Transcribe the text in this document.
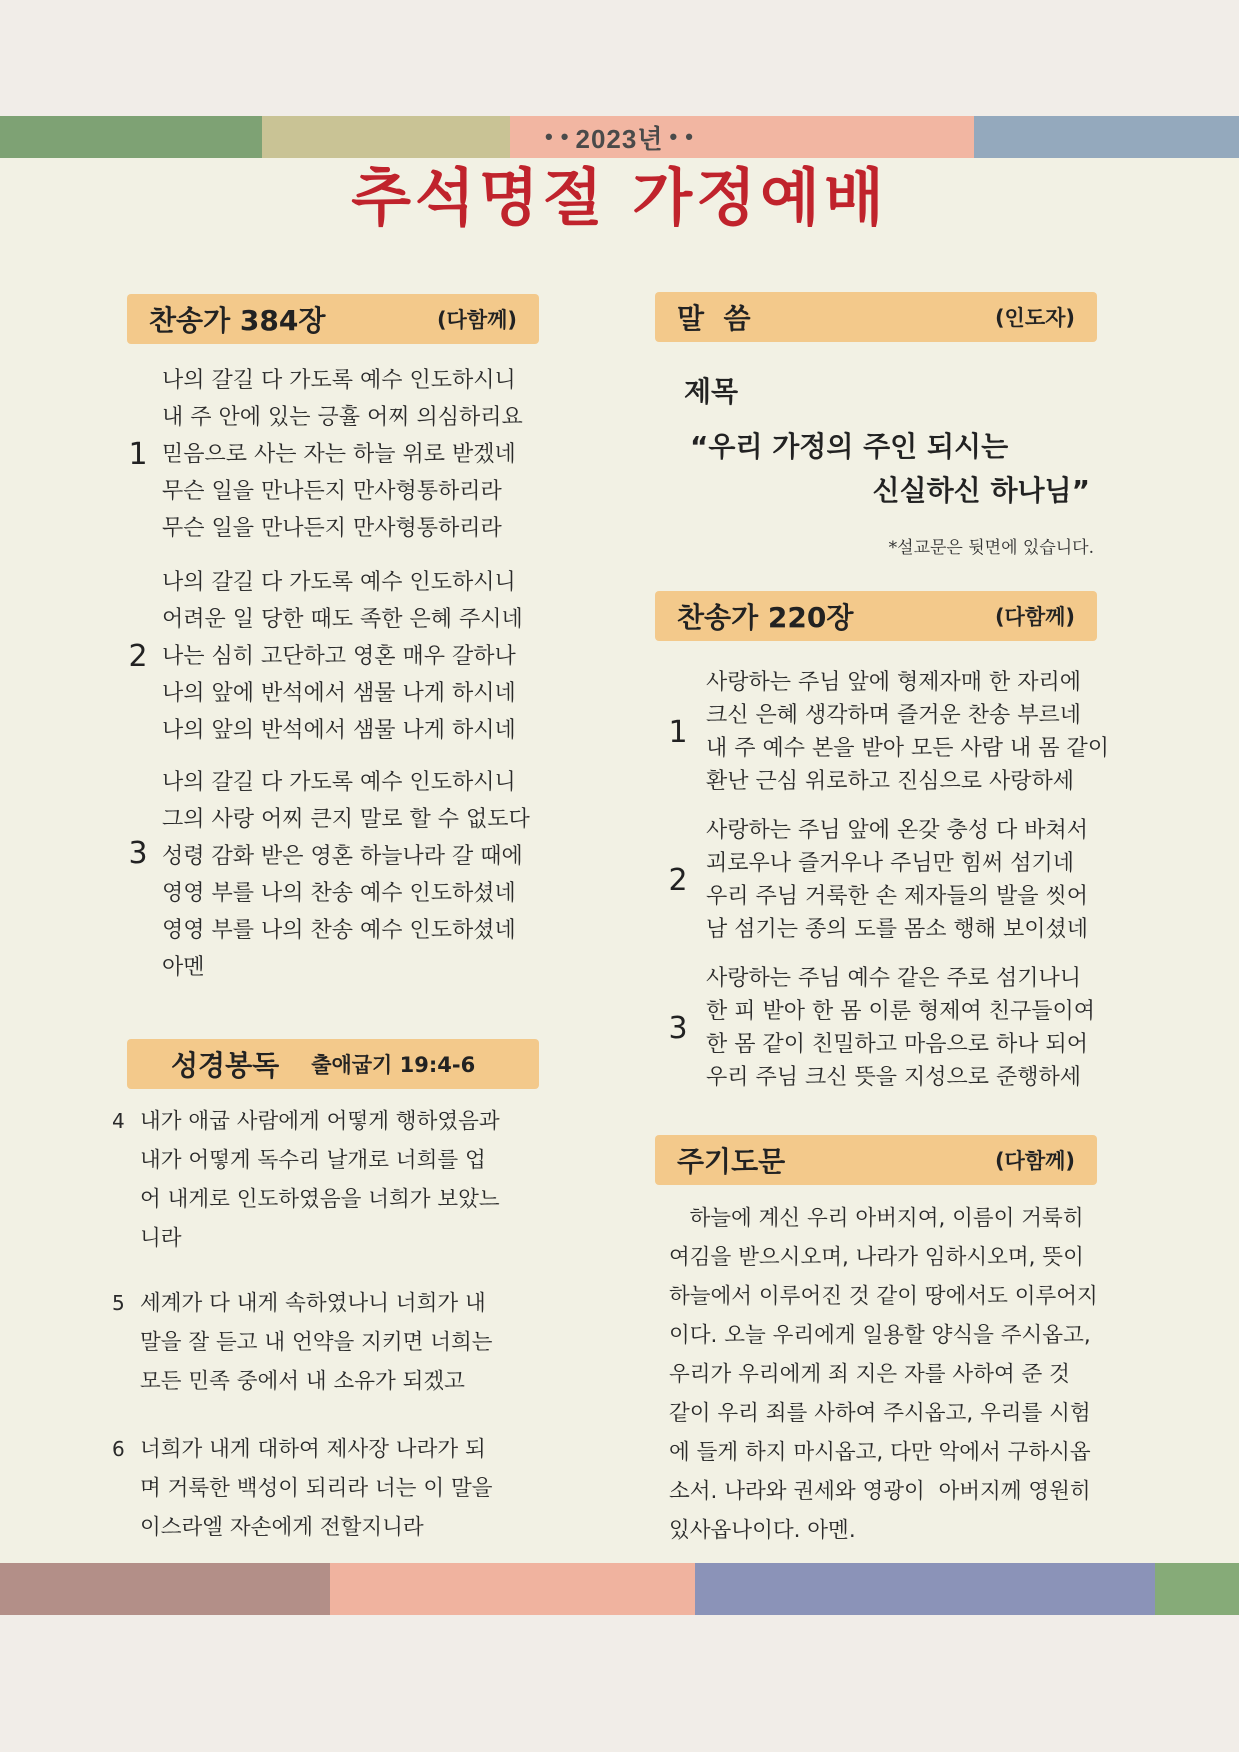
• • 2023년 • •
추석명절 가정예배
찬송가 384장	(다함께)
1
나의 갈길 다 가도록 예수 인도하시니
내 주 안에 있는 긍휼 어찌 의심하리요
믿음으로 사는 자는 하늘 위로 받겠네
무슨 일을 만나든지 만사형통하리라
무슨 일을 만나든지 만사형통하리라
2
나의 갈길 다 가도록 예수 인도하시니
어려운 일 당한 때도 족한 은혜 주시네
나는 심히 고단하고 영혼 매우 갈하나
나의 앞에 반석에서 샘물 나게 하시네
나의 앞의 반석에서 샘물 나게 하시네
3
나의 갈길 다 가도록 예수 인도하시니
그의 사랑 어찌 큰지 말로 할 수 없도다
성령 감화 받은 영혼 하늘나라 갈 때에
영영 부를 나의 찬송 예수 인도하셨네
영영 부를 나의 찬송 예수 인도하셨네
아멘
성경봉독 출애굽기 19:4-6
4 내가 애굽 사람에게 어떻게 행하였음과
내가 어떻게 독수리 날개로 너희를 업
어 내게로 인도하였음을 너희가 보았느
니라
5 세계가 다 내게 속하였나니 너희가 내
말을 잘 듣고 내 언약을 지키면 너희는
모든 민족 중에서 내 소유가 되겠고
6 너희가 내게 대하여 제사장 나라가 되
며 거룩한 백성이 되리라 너는 이 말을
이스라엘 자손에게 전할지니라
말  씀	(인도자)
제목
“우리 가정의 주인 되시는
신실하신 하나님”
*설교문은 뒷면에 있습니다.
찬송가 220장	(다함께)
1
사랑하는 주님 앞에 형제자매 한 자리에
크신 은혜 생각하며 즐거운 찬송 부르네
내 주 예수 본을 받아 모든 사람 내 몸 같이
환난 근심 위로하고 진심으로 사랑하세
2
사랑하는 주님 앞에 온갖 충성 다 바쳐서
괴로우나 즐거우나 주님만 힘써 섬기네
우리 주님 거룩한 손 제자들의 발을 씻어
남 섬기는 종의 도를 몸소 행해 보이셨네
3
사랑하는 주님 예수 같은 주로 섬기나니
한 피 받아 한 몸 이룬 형제여 친구들이여
한 몸 같이 친밀하고 마음으로 하나 되어
우리 주님 크신 뜻을 지성으로 준행하세
주기도문	(다함께)
하늘에 계신 우리 아버지여, 이름이 거룩히
여김을 받으시오며, 나라가 임하시오며, 뜻이
하늘에서 이루어진 것 같이 땅에서도 이루어지
이다. 오늘 우리에게 일용할 양식을 주시옵고,
우리가 우리에게 죄 지은 자를 사하여 준 것
같이 우리 죄를 사하여 주시옵고, 우리를 시험
에 들게 하지 마시옵고, 다만 악에서 구하시옵
소서. 나라와 권세와 영광이  아버지께 영원히
있사옵나이다. 아멘.
